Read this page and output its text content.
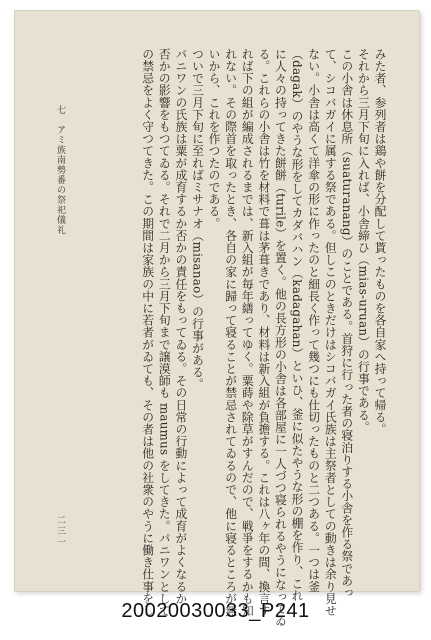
みた者、参列者は鶏や餅を分配して貰ったものを各自家へ持って帰る。
それから三月下旬に入れば、小舎締ひ（mias-uruan）の行事である。
この小舎は休息所（suaturanang）のことである。首狩に行った者の寝泊りする小舎を作る祭であっ
て、シコバガイに属する祭である。但しこのときだけはシコバガイ氏族は主祭者としての動きは余り見せ
ない。小舎は高くて洋傘の形に作ったのと細長く作って幾つにも仕切ったものと二つある。一つは釜
（dagak）のやうな形をしてカダバハン（kadagahan）といひ、釜に似たやうな形の棚を作り、これ
に人々の持ってきた餅餅（turile）を置く。他の長方形の小舎は各部屋に一人づつ寝られるやうになってゐ
る。これらの小舎は竹を材料で葺は茅葺きであり、材料は新入組が負擔する。これは八ヶ年の間、換言す
れば下の組が編成されるまでは、新入組が毎年繕ってゆく。粟蒔や除草がすんだので、戦爭をするかも知
れない。その際首を取ったとき、各自の家に歸って寝ることが禁忌されてゐるので、他に寝るところが無
いから、これを作つたのである。
ついで三月下旬に至ればミサナオ（misanao）の行事がある。
パニワンの氏族は粟が成育するか否かの責任をもってゐる。その日常の行動によって成育がよくなるか
否かの影響をもつてゐる。それで二月から三月下旬まで譲漠師も maumus をしてきた。パニワンとして
の禁忌をよく守つてきた。この期間は家族の中に若者がゐても、その者は他の社衆のやうに働き仕事をし
七　アミ族南勢番の祭祀儀礼
二三一
20020030033_P241
